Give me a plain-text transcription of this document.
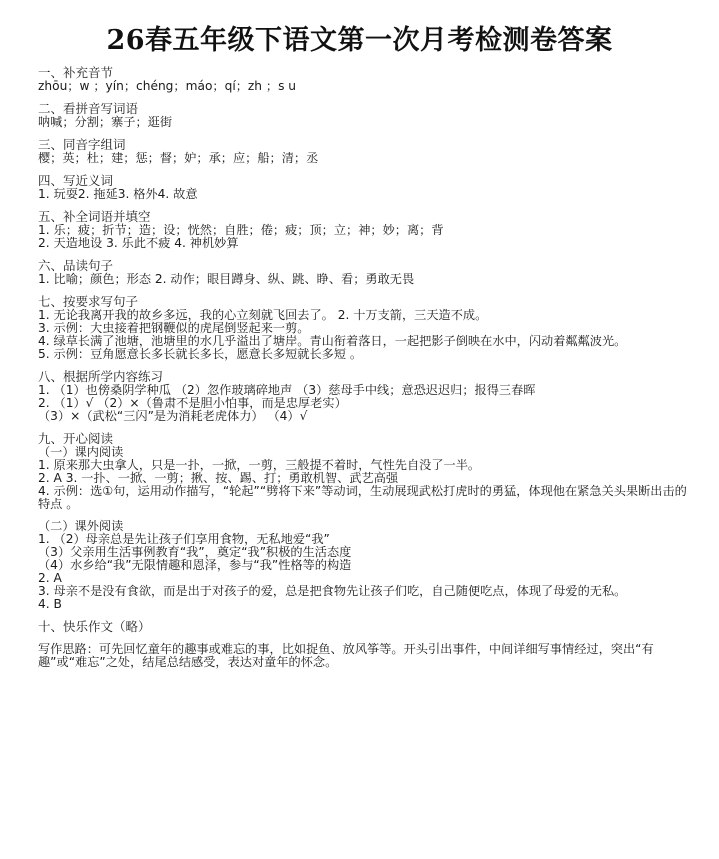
26春五年级下语文第一次月考检测卷答案
一、补充音节
zhōu；w ；yín；chéng；máo；qí；zh ；s u
二、看拼音写词语
呐喊；分割；寨子；逛街
三、同音字组词
樱；英；杜；建；惩；督；妒；承；应；船；清；丞
四、写近义词
1. 玩耍2. 拖延3. 格外4. 故意
五、补全词语并填空
1. 乐；疲；折节；造；设；恍然；自胜；倦；疲；顶；立；神；妙；离；背
2. 天造地设 3. 乐此不疲 4. 神机妙算
六、品读句子
1. 比喻；颜色；形态 2. 动作；眼目蹲身、纵、跳、睁、看；勇敢无畏
七、按要求写句子
1. 无论我离开我的故乡多远，我的心立刻就飞回去了。 2. 十万支箭，三天造不成。
3. 示例：大虫接着把钢鞭似的虎尾倒竖起来一剪。
4. 绿草长满了池塘，池塘里的水几乎溢出了塘岸。青山衔着落日，一起把影子倒映在水中，闪动着粼粼波光。
5. 示例：豆角愿意长多长就长多长，愿意长多短就长多短 。
八、根据所学内容练习
1. （1）也傍桑阴学种瓜 （2）忽作玻璃碎地声 （3）慈母手中线；意恐迟迟归；报得三春晖
2. （1）√ （2）×（鲁肃不是胆小怕事，而是忠厚老实）
（3）×（武松“三闪”是为消耗老虎体力） （4）√
九、开心阅读
（一）课内阅读
1. 原来那大虫拿人，只是一扑，一掀，一剪，三般提不着时，气性先自没了一半。
2. A 3. 一扑、一掀、一剪；揪、按、踢、打；勇敢机智、武艺高强
4. 示例：选①句，运用动作描写，“轮起”“劈将下来”等动词，生动展现武松打虎时的勇猛，体现他在紧急关头果断出击的特点 。
（二）课外阅读
1. （2）母亲总是先让孩子们享用食物，无私地爱“我”
（3）父亲用生活事例教育“我”，奠定“我”积极的生活态度
（4）水乡给“我”无限情趣和恩泽，参与“我”性格等的构造
2. A
3. 母亲不是没有食欲，而是出于对孩子的爱，总是把食物先让孩子们吃，自己随便吃点，体现了母爱的无私。
4. B
十、快乐作文（略）
写作思路：可先回忆童年的趣事或难忘的事，比如捉鱼、放风筝等。开头引出事件，中间详细写事情经过，突出“有趣”或“难忘”之处，结尾总结感受，表达对童年的怀念。
